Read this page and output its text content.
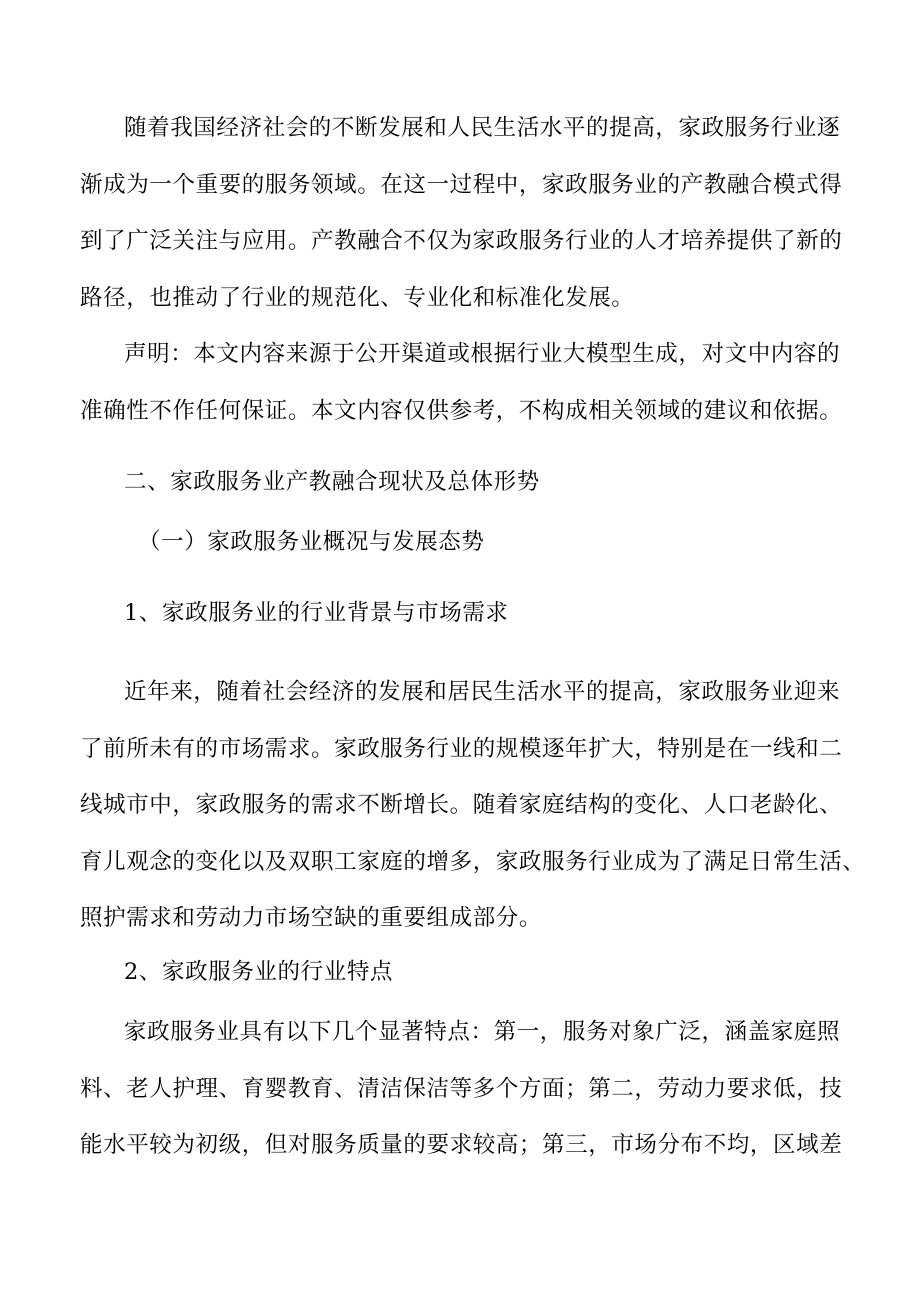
随着我国经济社会的不断发展和人民生活水平的提高，家政服务行业逐
渐成为一个重要的服务领域。在这一过程中，家政服务业的产教融合模式得
到了广泛关注与应用。产教融合不仅为家政服务行业的人才培养提供了新的
路径，也推动了行业的规范化、专业化和标准化发展。
声明：本文内容来源于公开渠道或根据行业大模型生成，对文中内容的
准确性不作任何保证。本文内容仅供参考，不构成相关领域的建议和依据。
二、家政服务业产教融合现状及总体形势
（一）家政服务业概况与发展态势
1、家政服务业的行业背景与市场需求
近年来，随着社会经济的发展和居民生活水平的提高，家政服务业迎来
了前所未有的市场需求。家政服务行业的规模逐年扩大，特别是在一线和二
线城市中，家政服务的需求不断增长。随着家庭结构的变化、人口老龄化、
育儿观念的变化以及双职工家庭的增多，家政服务行业成为了满足日常生活、
照护需求和劳动力市场空缺的重要组成部分。
2、家政服务业的行业特点
家政服务业具有以下几个显著特点：第一，服务对象广泛，涵盖家庭照
料、老人护理、育婴教育、清洁保洁等多个方面；第二，劳动力要求低，技
能水平较为初级，但对服务质量的要求较高；第三，市场分布不均，区域差
